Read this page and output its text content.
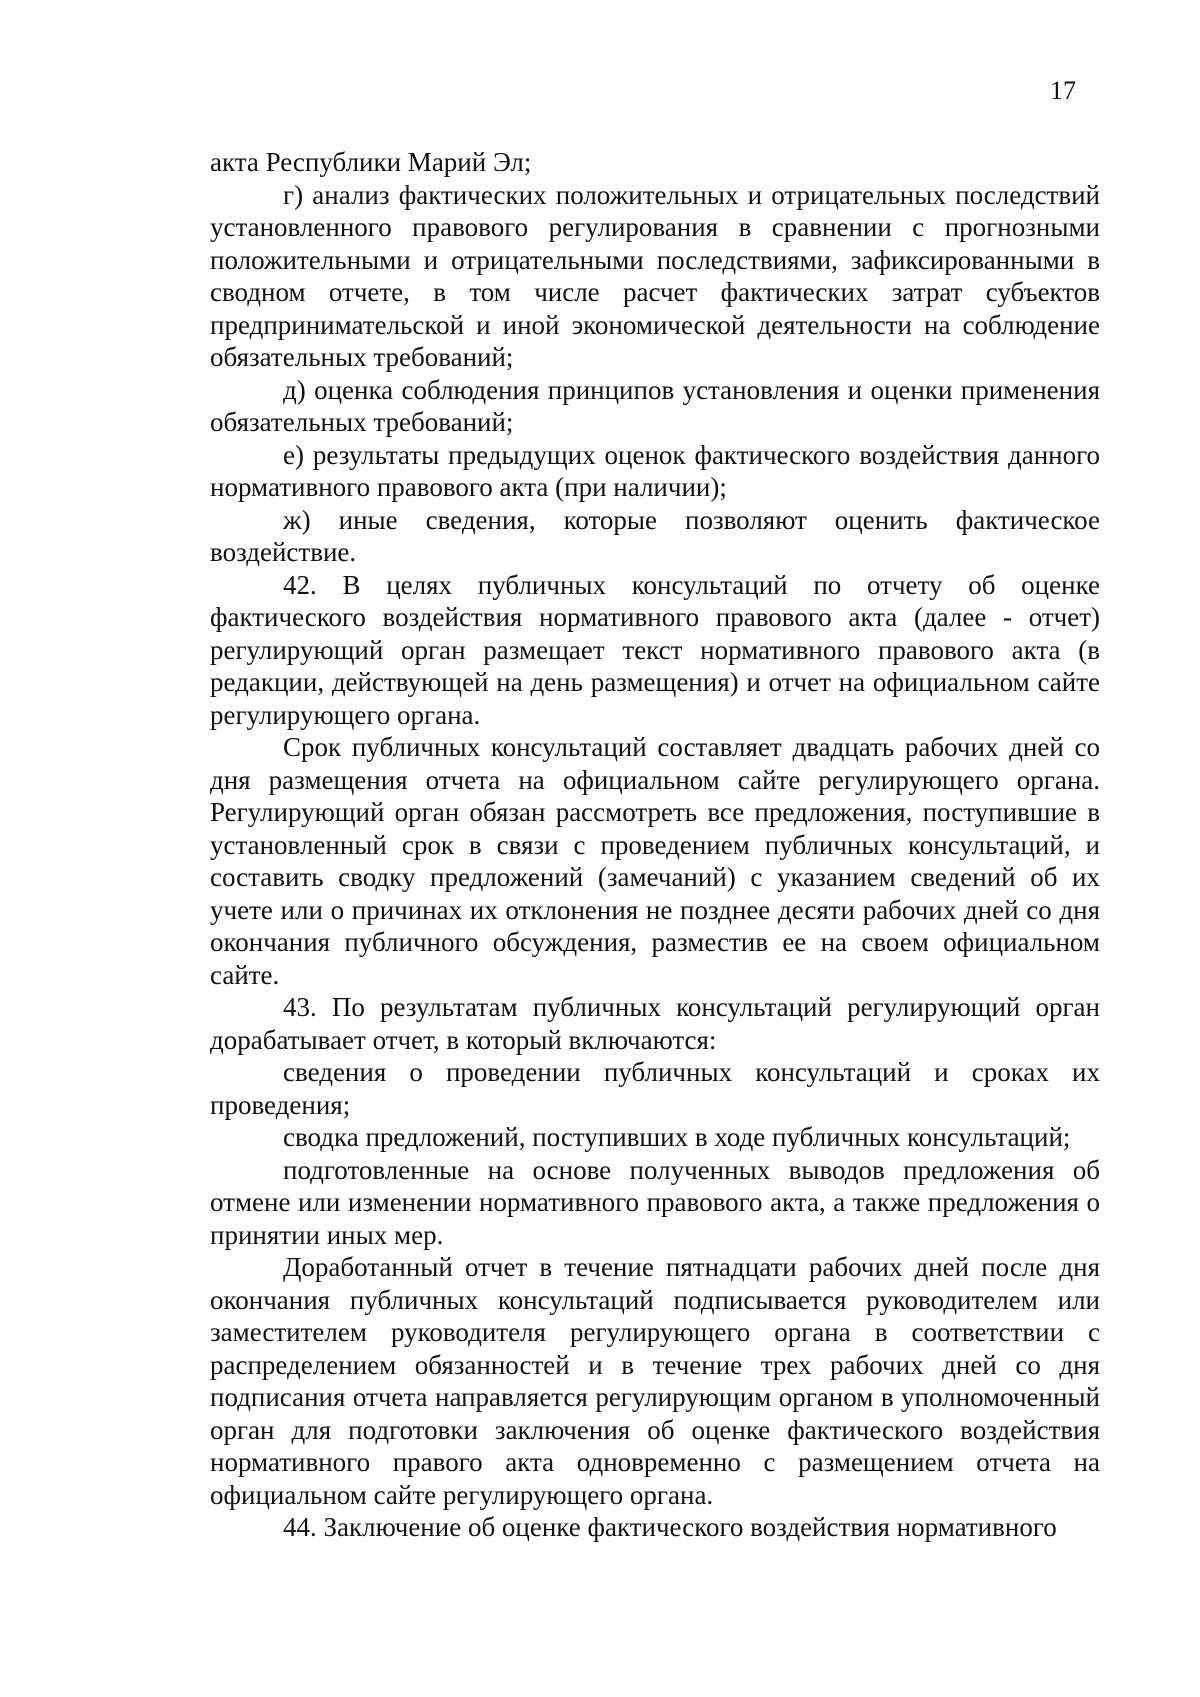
17

акта Республики Марий Эл;

г) анализ фактических положительных и отрицательных последствий установленного правового регулирования в сравнении с прогнозными положительными и отрицательными последствиями, зафиксированными в сводном отчете, в том числе расчет фактических затрат субъектов предпринимательской и иной экономической деятельности на соблюдение обязательных требований;

д) оценка соблюдения принципов установления и оценки применения обязательных требований;

е) результаты предыдущих оценок фактического воздействия данного нормативного правового акта (при наличии);

ж) иные сведения, которые позволяют оценить фактическое воздействие.

42. В целях публичных консультаций по отчету об оценке фактического воздействия нормативного правового акта (далее - отчет) регулирующий орган размещает текст нормативного правового акта (в редакции, действующей на день размещения) и отчет на официальном сайте регулирующего органа.

Срок публичных консультаций составляет двадцать рабочих дней со дня размещения отчета на официальном сайте регулирующего органа. Регулирующий орган обязан рассмотреть все предложения, поступившие в установленный срок в связи с проведением публичных консультаций, и составить сводку предложений (замечаний) с указанием сведений об их учете или о причинах их отклонения не позднее десяти рабочих дней со дня окончания публичного обсуждения, разместив ее на своем официальном сайте.

43. По результатам публичных консультаций регулирующий орган дорабатывает отчет, в который включаются:

сведения о проведении публичных консультаций и сроках их проведения;

сводка предложений, поступивших в ходе публичных консультаций;

подготовленные на основе полученных выводов предложения об отмене или изменении нормативного правового акта, а также предложения о принятии иных мер.

Доработанный отчет в течение пятнадцати рабочих дней после дня окончания публичных консультаций подписывается руководителем или заместителем руководителя регулирующего органа в соответствии с распределением обязанностей и в течение трех рабочих дней со дня подписания отчета направляется регулирующим органом в уполномоченный орган для подготовки заключения об оценке фактического воздействия нормативного правого акта одновременно с размещением отчета на официальном сайте регулирующего органа.

44. Заключение об оценке фактического воздействия нормативного
